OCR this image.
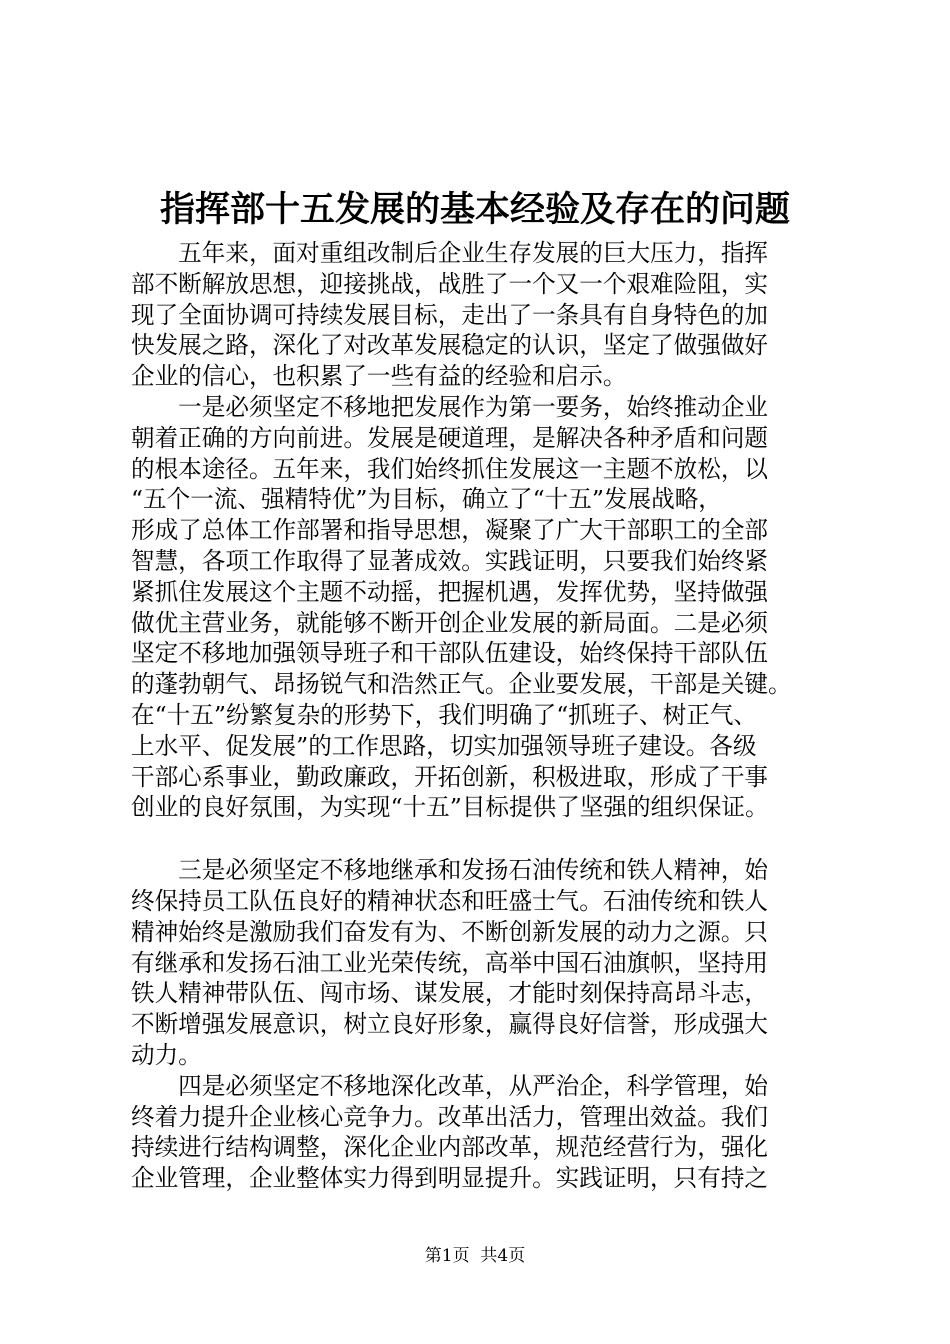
指挥部十五发展的基本经验及存在的问题
　　五年来，面对重组改制后企业生存发展的巨大压力，指挥
部不断解放思想，迎接挑战，战胜了一个又一个艰难险阻，实
现了全面协调可持续发展目标，走出了一条具有自身特色的加
快发展之路，深化了对改革发展稳定的认识，坚定了做强做好
企业的信心，也积累了一些有益的经验和启示。
　　一是必须坚定不移地把发展作为第一要务，始终推动企业
朝着正确的方向前进。发展是硬道理，是解决各种矛盾和问题
的根本途径。五年来，我们始终抓住发展这一主题不放松，以
“五个一流、强精特优”为目标，确立了“十五”发展战略，
形成了总体工作部署和指导思想，凝聚了广大干部职工的全部
智慧，各项工作取得了显著成效。实践证明，只要我们始终紧
紧抓住发展这个主题不动摇，把握机遇，发挥优势，坚持做强
做优主营业务，就能够不断开创企业发展的新局面。二是必须
坚定不移地加强领导班子和干部队伍建设，始终保持干部队伍
的蓬勃朝气、昂扬锐气和浩然正气。企业要发展，干部是关键。
在“十五”纷繁复杂的形势下，我们明确了“抓班子、树正气、
上水平、促发展”的工作思路，切实加强领导班子建设。各级
干部心系事业，勤政廉政，开拓创新，积极进取，形成了干事
创业的良好氛围，为实现“十五”目标提供了坚强的组织保证。
　　三是必须坚定不移地继承和发扬石油传统和铁人精神，始
终保持员工队伍良好的精神状态和旺盛士气。石油传统和铁人
精神始终是激励我们奋发有为、不断创新发展的动力之源。只
有继承和发扬石油工业光荣传统，高举中国石油旗帜，坚持用
铁人精神带队伍、闯市场、谋发展，才能时刻保持高昂斗志，
不断增强发展意识，树立良好形象，赢得良好信誉，形成强大
动力。
　　四是必须坚定不移地深化改革，从严治企，科学管理，始
终着力提升企业核心竞争力。改革出活力，管理出效益。我们
持续进行结构调整，深化企业内部改革，规范经营行为，强化
企业管理，企业整体实力得到明显提升。实践证明，只有持之
第1页  共4页
